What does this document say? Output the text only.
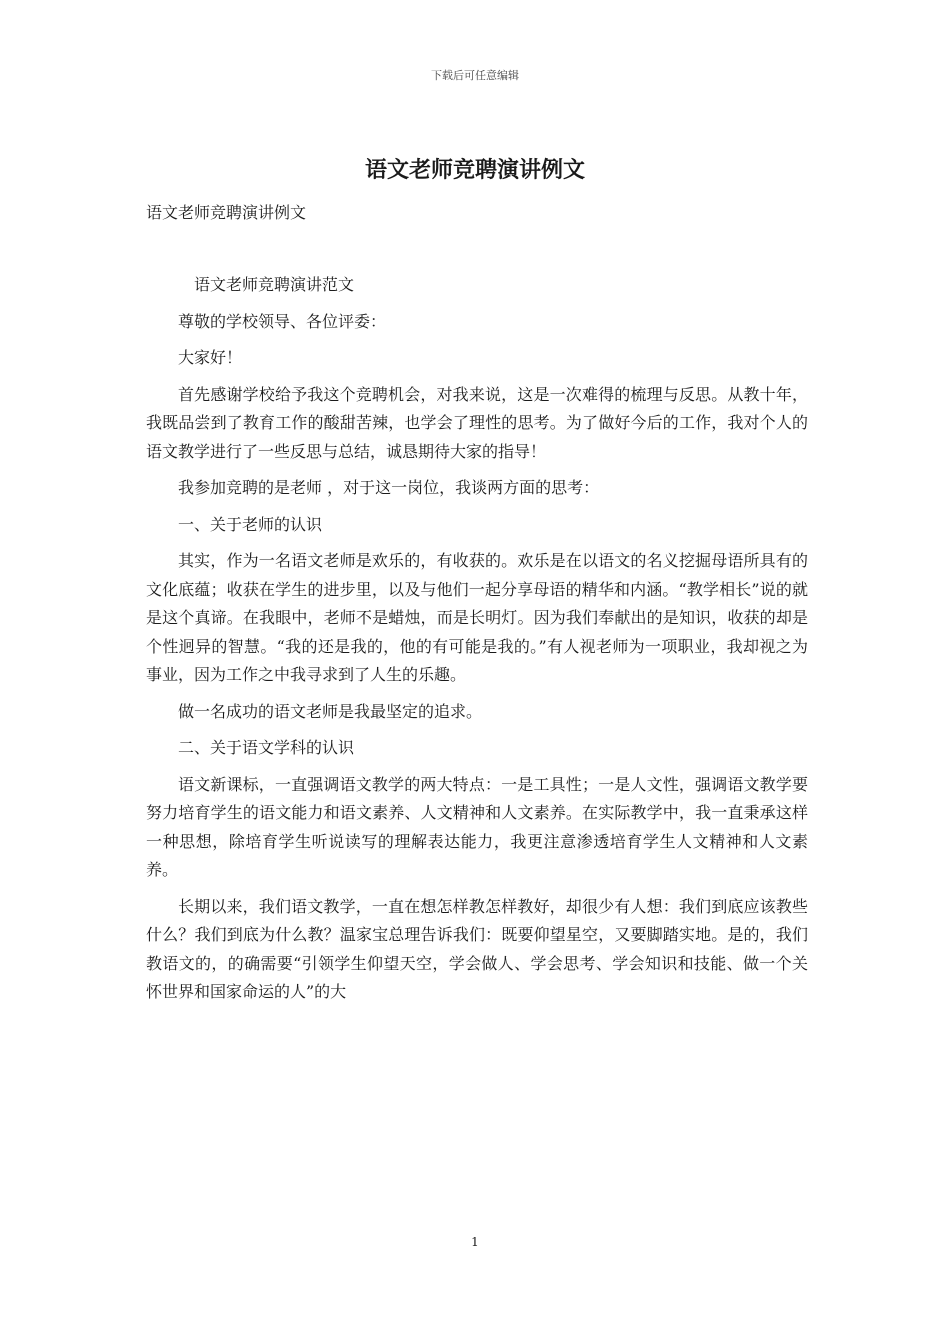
下载后可任意编辑
语文老师竞聘演讲例文
语文老师竞聘演讲例文

语文老师竞聘演讲范文

尊敬的学校领导、各位评委：

大家好！

首先感谢学校给予我这个竞聘机会，对我来说，这是一次难得的梳理与反思。从教十年，我既品尝到了教育工作的酸甜苦辣，也学会了理性的思考。为了做好今后的工作，我对个人的语文教学进行了一些反思与总结，诚恳期待大家的指导！

我参加竞聘的是老师 ，对于这一岗位，我谈两方面的思考：

一、关于老师的认识

其实，作为一名语文老师是欢乐的，有收获的。欢乐是在以语文的名义挖掘母语所具有的文化底蕴；收获在学生的进步里，以及与他们一起分享母语的精华和内涵。“教学相长”说的就是这个真谛。在我眼中，老师不是蜡烛，而是长明灯。因为我们奉献出的是知识，收获的却是个性迥异的智慧。“我的还是我的，他的有可能是我的。”有人视老师为一项职业，我却视之为事业，因为工作之中我寻求到了人生的乐趣。

做一名成功的语文老师是我最坚定的追求。

二、关于语文学科的认识

语文新课标，一直强调语文教学的两大特点：一是工具性；一是人文性，强调语文教学要努力培育学生的语文能力和语文素养、人文精神和人文素养。在实际教学中，我一直秉承这样一种思想，除培育学生听说读写的理解表达能力，我更注意渗透培育学生人文精神和人文素养。

长期以来，我们语文教学，一直在想怎样教怎样教好，却很少有人想：我们到底应该教些什么？我们到底为什么教？温家宝总理告诉我们：既要仰望星空，又要脚踏实地。是的，我们教语文的，的确需要“引领学生仰望天空，学会做人、学会思考、学会知识和技能、做一个关怀世界和国家命运的人”的大

1
